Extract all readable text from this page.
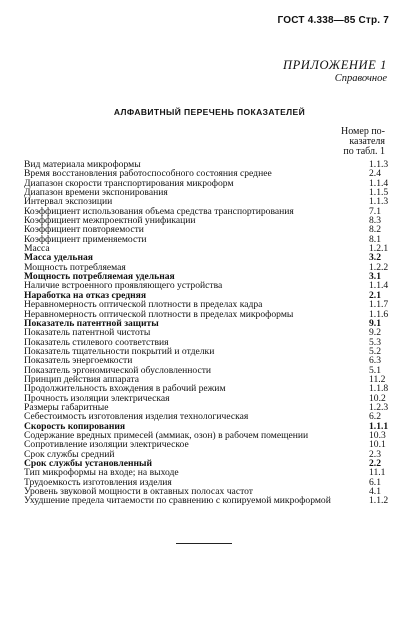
ГОСТ 4.338—85 Стр. 7
ПРИЛОЖЕНИЕ 1
Справочное
АЛФАВИТНЫЙ ПЕРЕЧЕНЬ ПОКАЗАТЕЛЕЙ
Номер по-
казателя
по табл. 1
Вид материала микроформы	1.1.3
Время восстановления работоспособного состояния среднее	2.4
Диапазон скорости транспортирования микроформ	1.1.4
Диапазон времени экспонирования	1.1.5
Интервал экспозиции	1.1.3
Коэффициент использования объема средства транспортирования	7.1
Коэффициент межпроектной унификации	8.3
Коэффициент повторяемости	8.2
Коэффициент применяемости	8.1
Масса	1.2.1
Масса удельная	3.2
Мощность потребляемая	1.2.2
Мощность потребляемая удельная	3.1
Наличие встроенного проявляющего устройства	1.1.4
Наработка на отказ средняя	2.1
Неравномерность оптической плотности в пределах кадра	1.1.7
Неравномерность оптической плотности в пределах микроформы	1.1.6
Показатель патентной защиты	9.1
Показатель патентной чистоты	9.2
Показатель стилевого соответствия	5.3
Показатель тщательности покрытий и отделки	5.2
Показатель энергоемкости	6.3
Показатель эргономической обусловленности	5.1
Принцип действия аппарата	11.2
Продолжительность вхождения в рабочий режим	1.1.8
Прочность изоляции электрическая	10.2
Размеры габаритные	1.2.3
Себестоимость изготовления изделия технологическая	6.2
Скорость копирования	1.1.1
Содержание вредных примесей (аммиак, озон) в рабочем помещении	10.3
Сопротивление изоляции электрическое	10.1
Срок службы средний	2.3
Срок службы установленный	2.2
Тип микроформы на входе; на выходе	11.1
Трудоемкость изготовления изделия	6.1
Уровень звуковой мощности в октавных полосах частот	4.1
Ухудшение предела читаемости по сравнению с копируемой микроформой	1.1.2
